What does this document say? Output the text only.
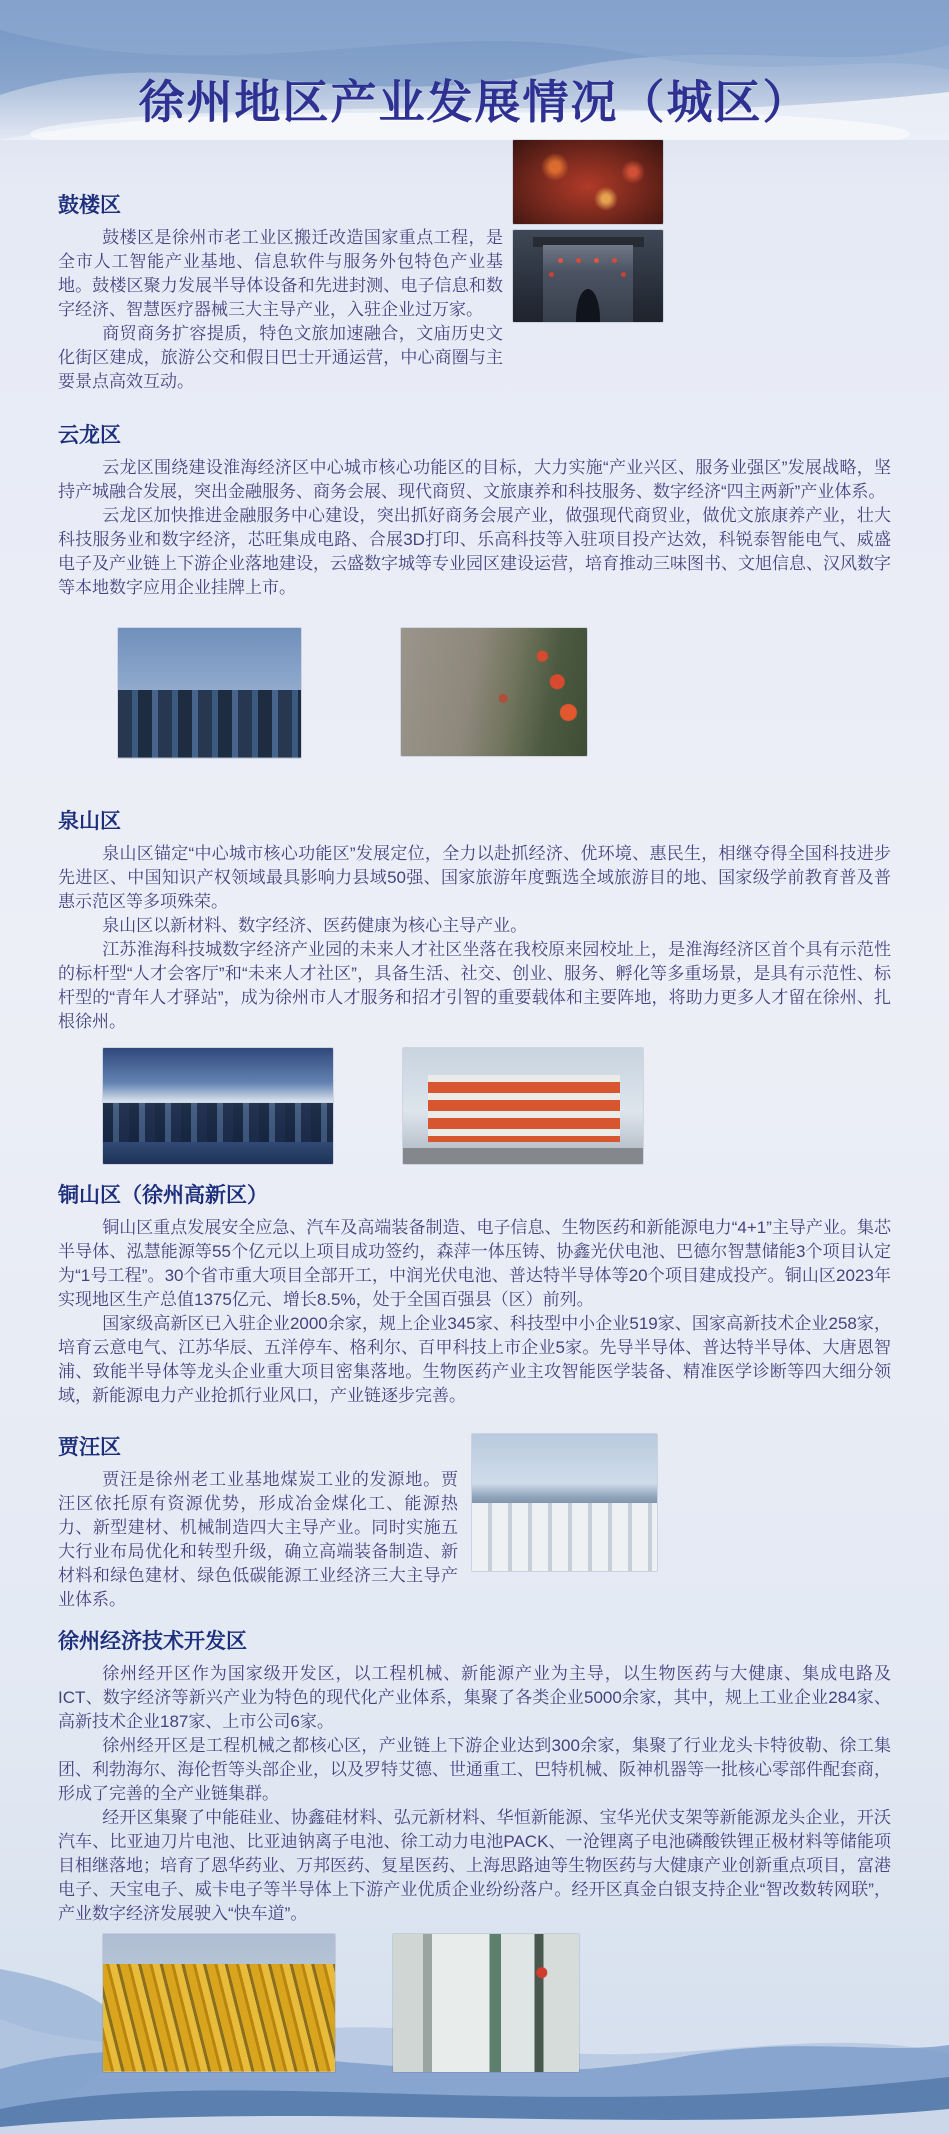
徐州地区产业发展情况（城区）
鼓楼区

鼓楼区是徐州市老工业区搬迁改造国家重点工程，是全市人工智能产业基地、信息软件与服务外包特色产业基地。鼓楼区聚力发展半导体设备和先进封测、电子信息和数字经济、智慧医疗器械三大主导产业，入驻企业过万家。

商贸商务扩容提质，特色文旅加速融合，文庙历史文化街区建成，旅游公交和假日巴士开通运营，中心商圈与主要景点高效互动。

云龙区

云龙区围绕建设淮海经济区中心城市核心功能区的目标，大力实施“产业兴区、服务业强区”发展战略，坚持产城融合发展，突出金融服务、商务会展、现代商贸、文旅康养和科技服务、数字经济“四主两新”产业体系。

云龙区加快推进金融服务中心建设，突出抓好商务会展产业，做强现代商贸业，做优文旅康养产业，壮大科技服务业和数字经济，芯旺集成电路、合展3D打印、乐高科技等入驻项目投产达效，科锐泰智能电气、威盛电子及产业链上下游企业落地建设，云盛数字城等专业园区建设运营，培育推动三味图书、文旭信息、汉风数字等本地数字应用企业挂牌上市。

泉山区

泉山区锚定“中心城市核心功能区”发展定位，全力以赴抓经济、优环境、惠民生，相继夺得全国科技进步先进区、中国知识产权领域最具影响力县域50强、国家旅游年度甄选全域旅游目的地、国家级学前教育普及普惠示范区等多项殊荣。

泉山区以新材料、数字经济、医药健康为核心主导产业。

江苏淮海科技城数字经济产业园的未来人才社区坐落在我校原来园校址上，是淮海经济区首个具有示范性的标杆型“人才会客厅”和“未来人才社区”，具备生活、社交、创业、服务、孵化等多重场景，是具有示范性、标杆型的“青年人才驿站”，成为徐州市人才服务和招才引智的重要载体和主要阵地，将助力更多人才留在徐州、扎根徐州。

铜山区（徐州高新区）

铜山区重点发展安全应急、汽车及高端装备制造、电子信息、生物医药和新能源电力“4+1”主导产业。集芯半导体、泓慧能源等55个亿元以上项目成功签约，森萍一体压铸、协鑫光伏电池、巴德尔智慧储能3个项目认定为“1号工程”。30个省市重大项目全部开工，中润光伏电池、普达特半导体等20个项目建成投产。铜山区2023年实现地区生产总值1375亿元、增长8.5%，处于全国百强县（区）前列。

国家级高新区已入驻企业2000余家，规上企业345家、科技型中小企业519家、国家高新技术企业258家，培育云意电气、江苏华辰、五洋停车、格利尔、百甲科技上市企业5家。先导半导体、普达特半导体、大唐恩智浦、致能半导体等龙头企业重大项目密集落地。生物医药产业主攻智能医学装备、精准医学诊断等四大细分领域，新能源电力产业抢抓行业风口，产业链逐步完善。

贾汪区

贾汪是徐州老工业基地煤炭工业的发源地。贾汪区依托原有资源优势，形成冶金煤化工、能源热力、新型建材、机械制造四大主导产业。同时实施五大行业布局优化和转型升级，确立高端装备制造、新材料和绿色建材、绿色低碳能源工业经济三大主导产业体系。

徐州经济技术开发区

徐州经开区作为国家级开发区，以工程机械、新能源产业为主导，以生物医药与大健康、集成电路及ICT、数字经济等新兴产业为特色的现代化产业体系，集聚了各类企业5000余家，其中，规上工业企业284家、高新技术企业187家、上市公司6家。

徐州经开区是工程机械之都核心区，产业链上下游企业达到300余家，集聚了行业龙头卡特彼勒、徐工集团、利勃海尔、海伦哲等头部企业，以及罗特艾德、世通重工、巴特机械、阪神机器等一批核心零部件配套商，形成了完善的全产业链集群。

经开区集聚了中能硅业、协鑫硅材料、弘元新材料、华恒新能源、宝华光伏支架等新能源龙头企业，开沃汽车、比亚迪刀片电池、比亚迪钠离子电池、徐工动力电池PACK、一沧锂离子电池磷酸铁锂正极材料等储能项目相继落地；培育了恩华药业、万邦医药、复星医药、上海思路迪等生物医药与大健康产业创新重点项目，富港电子、天宝电子、威卡电子等半导体上下游产业优质企业纷纷落户。经开区真金白银支持企业“智改数转网联”，产业数字经济发展驶入“快车道”。
